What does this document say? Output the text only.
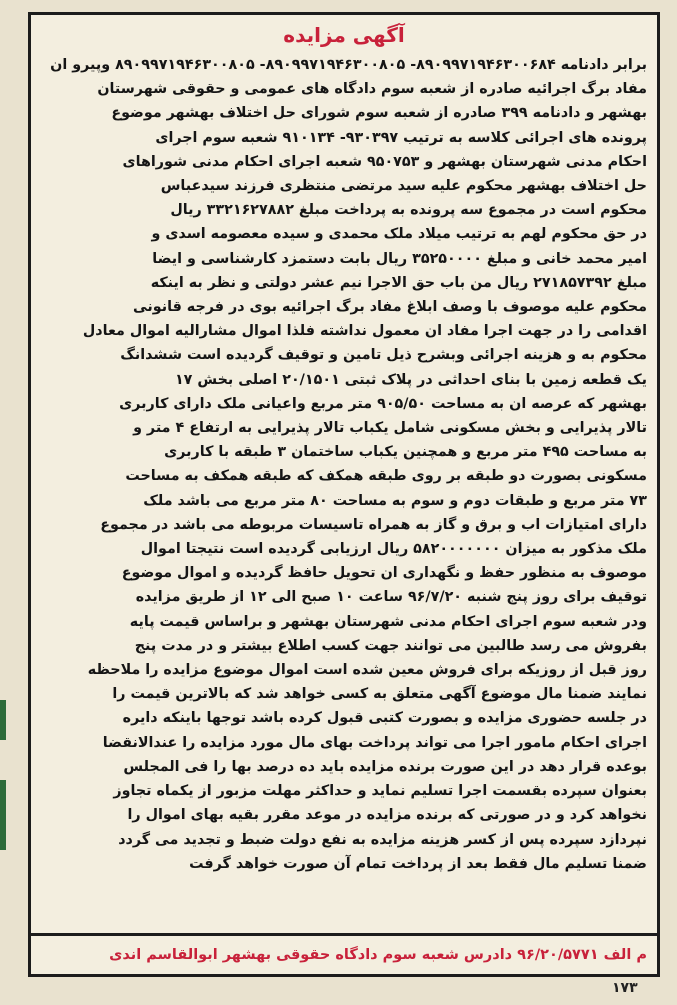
آگهی مزایده
برابر دادنامه ۸۹۰۹۹۷۱۹۴۶۳۰۰۶۸۴- ۸۹۰۹۹۷۱۹۴۶۳۰۰۸۰۵- ۸۹۰۹۹۷۱۹۴۶۳۰۰۸۰۵ وپیرو ان
مفاد برگ اجرائیه صادره از شعبه سوم دادگاه های عمومی و حقوقی شهرستان
بهشهر و دادنامه ۳۹۹ صادره از شعبه سوم شورای حل اختلاف بهشهر موضوع
پرونده های اجرائی کلاسه به ترتیب ۹۳۰۳۹۷- ۹۱۰۱۳۴ شعبه سوم اجرای
احکام مدنی شهرستان بهشهر و ۹۵۰۷۵۳ شعبه اجرای احکام مدنی شوراهای
حل اختلاف بهشهر محکوم علیه سید مرتضی منتظری فرزند سیدعباس
محکوم است در مجموع سه پرونده به پرداخت مبلغ ۳۳۲۱۶۲۷۸۸۲ ریال
در حق محکوم لهم به ترتیب میلاد ملک محمدی و سیده معصومه اسدی و
امیر محمد خانی و مبلغ ۳۵۲۵۰۰۰۰ ریال بابت دستمزد کارشناسی و ایضا
مبلغ ۲۷۱۸۵۷۳۹۲ ریال من باب حق الاجرا نیم عشر دولتی و نظر به اینکه
محکوم علیه موصوف با وصف ابلاغ مفاد برگ اجرائیه بوی در فرجه قانونی
اقدامی را در جهت اجرا مفاد ان معمول نداشته فلذا اموال مشارالیه اموال معادل
محکوم به و هزینه اجرائی وبشرح ذیل تامین و توقیف گردیده است ششدانگ
یک قطعه زمین با بنای احداثی در پلاک ثبتی ۲۰/۱۵۰۱ اصلی بخش ۱۷
بهشهر که عرصه ان به مساحت ۹۰۵/۵۰ متر مربع واعیانی ملک دارای کاربری
تالار پذیرایی و بخش مسکونی شامل یکباب تالار پذیرایی به ارتفاع ۴ متر و
به مساحت ۴۹۵ متر مربع و همچنین یکباب ساختمان ۳ طبقه با کاربری
مسکونی بصورت دو طبقه بر روی طبقه همکف که طبقه همکف به مساحت
۷۳ متر مربع و طبقات دوم و سوم به مساحت ۸۰ متر مربع می باشد ملک
دارای امتیازات اب و برق و گاز به همراه تاسیسات مربوطه می باشد در مجموع
ملک مذکور به میزان ۵۸۲۰۰۰۰۰۰۰ ریال ارزیابی گردیده است نتیجتا اموال
موصوف به منظور حفظ و نگهداری ان تحویل حافظ گردیده و اموال موضوع
توقیف برای روز پنج شنبه ۹۶/۷/۲۰ ساعت ۱۰ صبح الی ۱۲ از طریق مزایده
ودر شعبه سوم اجرای احکام مدنی شهرستان بهشهر و براساس قیمت پایه
بفروش می رسد طالبین می توانند جهت کسب اطلاع بیشتر و در مدت پنج
روز قبل از روزیکه برای فروش معین شده است اموال موضوع مزایده را ملاحظه
نمایند ضمنا مال موضوع آگهی متعلق به کسی خواهد شد که بالاترین قیمت را
در جلسه حضوری مزایده و بصورت کتبی قبول کرده باشد توجها باینکه دایره
اجرای احکام مامور اجرا می تواند پرداخت بهای مال مورد مزایده را عندالانقضا
بوعده قرار دهد در این صورت برنده مزایده باید ده درصد بها را فی المجلس
بعنوان سپرده بقسمت اجرا تسلیم نماید و حداکثر مهلت مزبور از یکماه تجاوز
نخواهد کرد و در صورتی که برنده مزایده در موعد مقرر بقیه بهای اموال را
نپردازد سپرده پس از کسر هزینه مزایده به نفع دولت ضبط و تجدید می گردد
ضمنا تسلیم مال فقط بعد از پرداخت تمام آن صورت خواهد گرفت
م الف ۹۶/۲۰/۵۷۷۱ دادرس شعبه سوم دادگاه حقوقی بهشهر ابوالقاسم اندی
۱۷۳
